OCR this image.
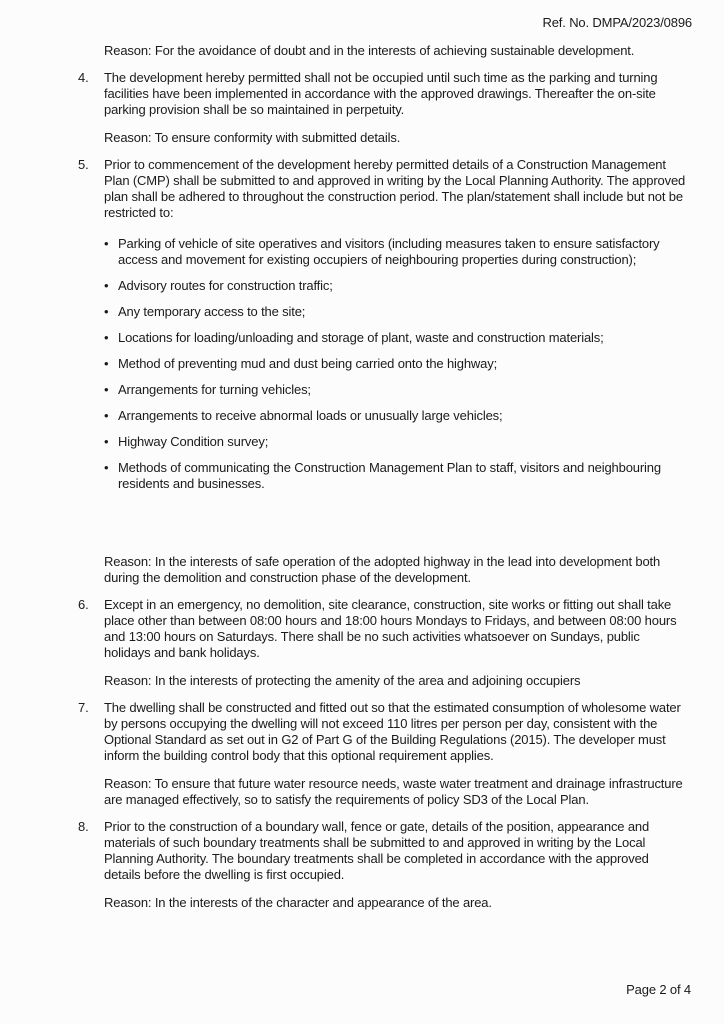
Ref. No. DMPA/2023/0896

Reason: For the avoidance of doubt and in the interests of achieving sustainable development.

4.	The development hereby permitted shall not be occupied until such time as the parking and turning facilities have been implemented in accordance with the approved drawings. Thereafter the on-site parking provision shall be so maintained in perpetuity.

Reason: To ensure conformity with submitted details.

5.	Prior to commencement of the development hereby permitted details of a Construction Management Plan (CMP) shall be submitted to and approved in writing by the Local Planning Authority. The approved plan shall be adhered to throughout the construction period. The plan/statement shall include but not be restricted to:
• Parking of vehicle of site operatives and visitors (including measures taken to ensure satisfactory access and movement for existing occupiers of neighbouring properties during construction);
• Advisory routes for construction traffic;
• Any temporary access to the site;
• Locations for loading/unloading and storage of plant, waste and construction materials;
• Method of preventing mud and dust being carried onto the highway;
• Arrangements for turning vehicles;
• Arrangements to receive abnormal loads or unusually large vehicles;
• Highway Condition survey;
• Methods of communicating the Construction Management Plan to staff, visitors and neighbouring residents and businesses.

Reason: In the interests of safe operation of the adopted highway in the lead into development both during the demolition and construction phase of the development.

6.	Except in an emergency, no demolition, site clearance, construction, site works or fitting out shall take place other than between 08:00 hours and 18:00 hours Mondays to Fridays, and between 08:00 hours and 13:00 hours on Saturdays. There shall be no such activities whatsoever on Sundays, public holidays and bank holidays.

Reason: In the interests of protecting the amenity of the area and adjoining occupiers

7.	The dwelling shall be constructed and fitted out so that the estimated consumption of wholesome water by persons occupying the dwelling will not exceed 110 litres per person per day, consistent with the Optional Standard as set out in G2 of Part G of the Building Regulations (2015). The developer must inform the building control body that this optional requirement applies.

Reason: To ensure that future water resource needs, waste water treatment and drainage infrastructure are managed effectively, so to satisfy the requirements of policy SD3 of the Local Plan.

8.	Prior to the construction of a boundary wall, fence or gate, details of the position, appearance and materials of such boundary treatments shall be submitted to and approved in writing by the Local Planning Authority. The boundary treatments shall be completed in accordance with the approved details before the dwelling is first occupied.

Reason: In the interests of the character and appearance of the area.

Page 2 of 4
